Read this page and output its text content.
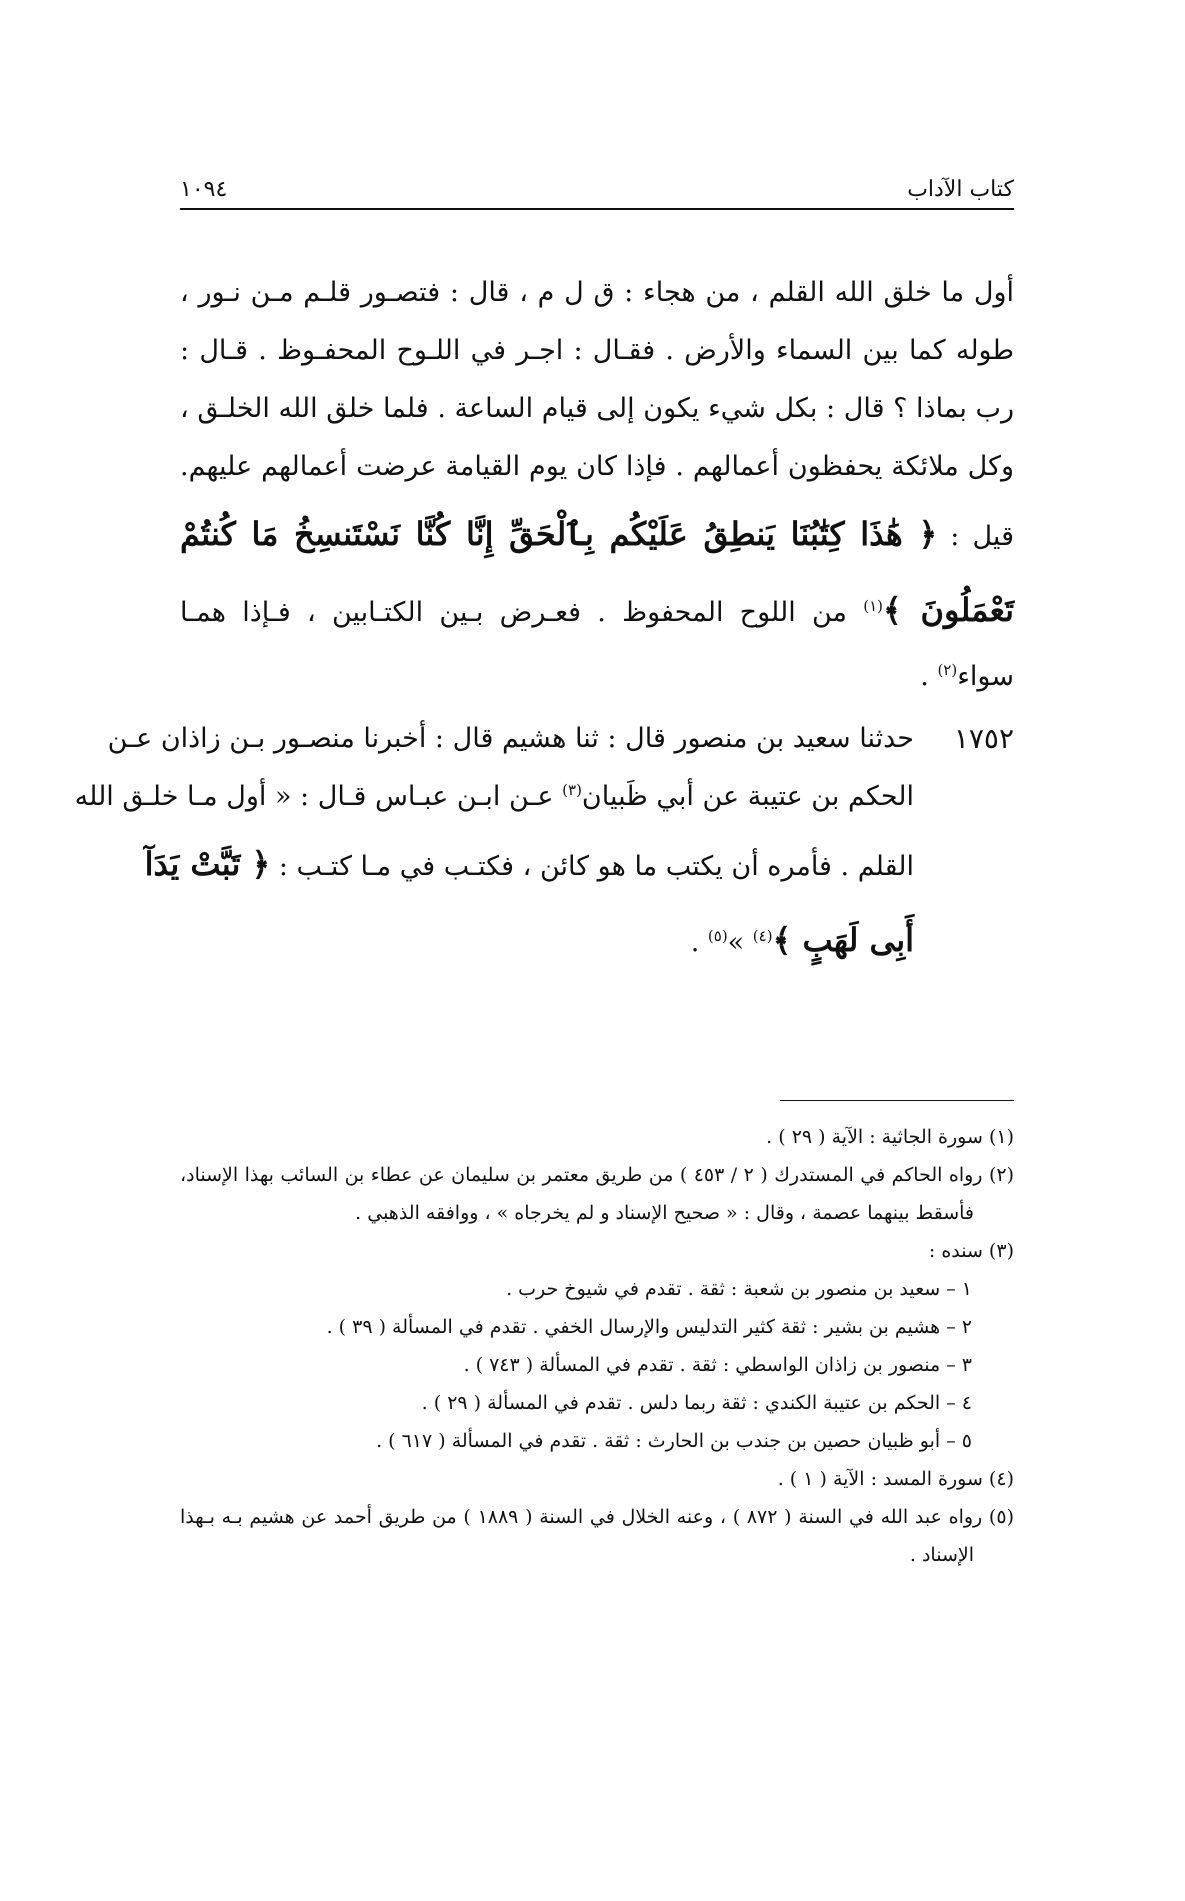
كتاب الآداب
١٠٩٤
أول ما خلق الله القلم ، من هجاء : ق ل م ، قال : فتصـور قلـم مـن نـور ،
طوله كما بين السماء والأرض . فقـال : اجـر في اللـوح المحفـوظ . قـال :
رب بماذا ؟ قال : بكل شيء يكون إلى قيام الساعة . فلما خلق الله الخلـق ،
وكل ملائكة يحفظون أعمالهم . فإذا كان يوم القيامة عرضت أعمالهم عليهم.
قيل : ﴿ هَٰذَا كِتَٰبُنَا يَنطِقُ عَلَيْكُم بِٱلْحَقِّ إِنَّا كُنَّا نَسْتَنسِخُ مَا كُنتُمْ
تَعْمَلُونَ ﴾$^{(١)}$ من اللوح المحفوظ . فعـرض بـين الكتـابين ، فـإذا همـا
سواء$^{(٢)}$ .
١٧٥٢
حدثنا سعيد بن منصور قال : ثنا هشيم قال : أخبرنا منصـور بـن زاذان عـن
الحكم بن عتيبة عن أبي ظَبيان$^{(٣)}$ عـن ابـن عبـاس قـال : « أول مـا خلـق الله
القلم . فأمره أن يكتب ما هو كائن ، فكتـب في مـا كتـب : ﴿ تَبَّتْ يَدَآ
أَبِى لَهَبٍ ﴾$^{(٤)}$ »$^{(٥)}$ .
(١) سورة الجاثية : الآية ( ٢٩ ) .
(٢) رواه الحاكم في المستدرك ( ٢ / ٤٥٣ ) من طريق معتمر بن سليمان عن عطاء بن السائب بهذا الإسناد،
فأسقط بينهما عصمة ، وقال : « صحيح الإسناد و لم يخرجاه » ، ووافقه الذهبي .
(٣) سنده :
١ – سعيد بن منصور بن شعبة : ثقة . تقدم في شيوخ حرب .
٢ – هشيم بن بشير : ثقة كثير التدليس والإرسال الخفي . تقدم في المسألة ( ٣٩ ) .
٣ – منصور بن زاذان الواسطي : ثقة . تقدم في المسألة ( ٧٤٣ ) .
٤ – الحكم بن عتيبة الكندي : ثقة ربما دلس . تقدم في المسألة ( ٢٩ ) .
٥ – أبو ظبيان حصين بن جندب بن الحارث : ثقة . تقدم في المسألة ( ٦١٧ ) .
(٤) سورة المسد : الآية ( ١ ) .
(٥) رواه عبد الله في السنة ( ٨٧٢ ) ، وعنه الخلال في السنة ( ١٨٨٩ ) من طريق أحمد عن هشيم بـه بـهذا
الإسناد .
